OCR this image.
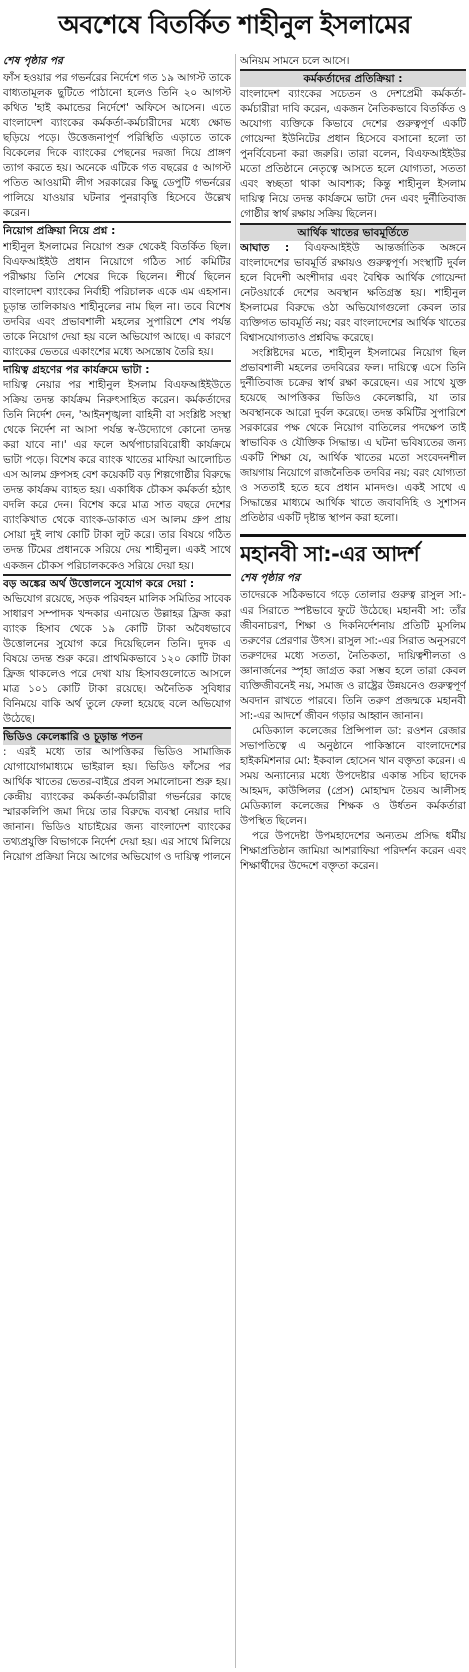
অবশেষে বিতর্কিত শাহীনুল ইসলামের

শেষ পৃষ্ঠার পর

ফাঁস হওয়ার পর গভর্নরের নির্দেশে গত ১৯ আগস্ট তাকে বাধ্যতামূলক ছুটিতে পাঠানো হলেও তিনি ২০ আগস্ট কথিত 'হাই কমান্ডের নির্দেশে' অফিসে আসেন। এতে বাংলাদেশ ব্যাংকের কর্মকর্তা-কর্মচারীদের মধ্যে ক্ষোভ ছড়িয়ে পড়ে। উত্তেজনাপূর্ণ পরিস্থিতি এড়াতে তাকে বিকেলের দিকে ব্যাংকের পেছনের দরজা দিয়ে প্রাঙ্গণ ত্যাগ করতে হয়। অনেকে এটিকে গত বছরের ৫ আগস্ট পতিত আওয়ামী লীগ সরকারের কিছু ডেপুটি গভর্নরের পালিয়ে যাওয়ার ঘটনার পুনরাবৃত্তি হিসেবে উল্লেখ করেন।

নিয়োগ প্রক্রিয়া নিয়ে প্রশ্ন :

শাহীনুল ইসলামের নিয়োগ শুরু থেকেই বিতর্কিত ছিল। বিএফআইইউ প্রধান নিয়োগে গঠিত সার্চ কমিটির পরীক্ষায় তিনি শেষের দিকে ছিলেন। শীর্ষে ছিলেন বাংলাদেশ ব্যাংকের নির্বাহী পরিচালক একে এম এহসান। চূড়ান্ত তালিকায়ও শাহীনুলের নাম ছিল না। তবে বিশেষ তদবির এবং প্রভাবশালী মহলের সুপারিশে শেষ পর্যন্ত তাকে নিয়োগ দেয়া হয় বলে অভিযোগ আছে। এ কারণে ব্যাংকের ভেতরে একাংশের মধ্যে অসন্তোষ তৈরি হয়।

দায়িত্ব গ্রহণের পর কার্যক্রমে ভাটা :

দায়িত্ব নেয়ার পর শাহীনুল ইসলাম বিএফআইইউতে সক্রিয় তদন্ত কার্যক্রম নিরুৎসাহিত করেন। কর্মকর্তাদের তিনি নির্দেশ দেন, 'আইনশৃঙ্খলা বাহিনী বা সংশ্লিষ্ট সংস্থা থেকে নির্দেশ না আসা পর্যন্ত স্ব-উদ্যোগে কোনো তদন্ত করা যাবে না।' এর ফলে অর্থপাচারবিরোধী কার্যক্রমে ভাটা পড়ে। বিশেষ করে ব্যাংক খাতের মাফিয়া আলোচিত এস আলম গ্রুপসহ বেশ কয়েকটি বড় শিল্পগোষ্ঠীর বিরুদ্ধে তদন্ত কার্যক্রম ব্যাহত হয়। একাধিক চৌকস কর্মকর্তা হঠাৎ বদলি করে দেন। বিশেষ করে মাত্র সাত বছরে দেশের ব্যাংকিখাত থেকে ব্যাংক-ডাকাত এস আলম গ্রুপ প্রায় সোয়া দুই লাখ কোটি টাকা লুট করে। তার বিষয়ে গঠিত তদন্ত টিমের প্রধানকে সরিয়ে দেয় শাহীনুল। একই সাথে একজন চৌকস পরিচালককেও সরিয়ে দেয়া হয়।

বড় অঙ্কের অর্থ উত্তোলনে সুযোগ করে দেয়া :

অভিযোগ রয়েছে, সড়ক পরিবহন মালিক সমিতির সাবেক সাধারণ সম্পাদক খন্দকার এনায়েত উল্লাহর ফ্রিজ করা ব্যাংক হিসাব থেকে ১৯ কোটি টাকা অবৈধভাবে উত্তোলনের সুযোগ করে দিয়েছিলেন তিনি। দুদক এ বিষয়ে তদন্ত শুরু করে। প্রাথমিকভাবে ১২০ কোটি টাকা ফ্রিজ থাকলেও পরে দেখা যায় হিসাবগুলোতে আসলে মাত্র ১০১ কোটি টাকা রয়েছে। অনৈতিক সুবিধার বিনিময়ে বাকি অর্থ তুলে ফেলা হয়েছে বলে অভিযোগ উঠেছে।

ভিডিও কেলেঙ্কারি ও চূড়ান্ত পতন

: এরই মধ্যে তার আপত্তিকর ভিডিও সামাজিক যোগাযোগমাধ্যমে ভাইরাল হয়। ভিডিও ফাঁসের পর আর্থিক খাতের ভেতর-বাইরে প্রবল সমালোচনা শুরু হয়। কেন্দ্রীয় ব্যাংকের কর্মকর্তা-কর্মচারীরা গভর্নরের কাছে স্মারকলিপি জমা দিয়ে তার বিরুদ্ধে ব্যবস্থা নেয়ার দাবি জানান। ভিডিও যাচাইয়ের জন্য বাংলাদেশ ব্যাংকের তথ্যপ্রযুক্তি বিভাগকে নির্দেশ দেয়া হয়। এর সাথে মিলিয়ে নিয়োগ প্রক্রিয়া নিয়ে আগের অভিযোগ ও দায়িত্ব পালনে

অনিয়ম সামনে চলে আসে।

কর্মকর্তাদের প্রতিক্রিয়া :

বাংলাদেশ ব্যাংকের সচেতন ও দেশপ্রেমী কর্মকর্তা-কর্মচারীরা দাবি করেন, একজন নৈতিকভাবে বিতর্কিত ও অযোগ্য ব্যক্তিকে কিভাবে দেশের গুরুত্বপূর্ণ একটি গোয়েন্দা ইউনিটের প্রধান হিসেবে বসানো হলো তা পুনর্বিবেচনা করা জরুরি। তারা বলেন, বিএফআইইউর মতো প্রতিষ্ঠানে নেতৃত্বে আসতে হলে যোগ্যতা, সততা এবং স্বচ্ছতা থাকা আবশ্যক; কিন্তু শাহীনুল ইসলাম দায়িত্ব নিয়ে তদন্ত কার্যক্রমে ভাটা দেন এবং দুর্নীতিবাজ গোষ্ঠীর স্বার্থ রক্ষায় সক্রিয় ছিলেন।

আর্থিক খাতের ভাবমূর্তিতে

আঘাত : বিএফআইইউ আন্তর্জাতিক অঙ্গনে বাংলাদেশের ভাবমূর্তি রক্ষায়ও গুরুত্বপূর্ণ। সংস্থাটি দুর্বল হলে বিদেশী অংশীদার এবং বৈশ্বিক আর্থিক গোয়েন্দা নেটওয়ার্কে দেশের অবস্থান ক্ষতিগ্রস্ত হয়। শাহীনুল ইসলামের বিরুদ্ধে ওঠা অভিযোগগুলো কেবল তার ব্যক্তিগত ভাবমূর্তি নয়; বরং বাংলাদেশের আর্থিক খাতের বিশ্বাসযোগ্যতাও প্রশ্নবিদ্ধ করেছে।

সংশ্লিষ্টদের মতে, শাহীনুল ইসলামের নিয়োগ ছিল প্রভাবশালী মহলের তদবিরের ফল। দায়িত্বে এসে তিনি দুর্নীতিবাজ চক্রের স্বার্থ রক্ষা করেছেন। এর সাথে যুক্ত হয়েছে আপত্তিকর ভিডিও কেলেঙ্কারি, যা তার অবস্থানকে আরো দুর্বল করেছে। তদন্ত কমিটির সুপারিশে সরকারের পক্ষ থেকে নিয়োগ বাতিলের পদক্ষেপ তাই স্বাভাবিক ও যৌক্তিক সিদ্ধান্ত। এ ঘটনা ভবিষ্যতের জন্য একটি শিক্ষা যে, আর্থিক খাতের মতো সংবেদনশীল জায়গায় নিয়োগে রাজনৈতিক তদবির নয়; বরং যোগ্যতা ও সততাই হতে হবে প্রধান মানদণ্ড। একই সাথে এ সিদ্ধান্তের মাধ্যমে আর্থিক খাতে জবাবদিহি ও সুশাসন প্রতিষ্ঠার একটি দৃষ্টান্ত স্থাপন করা হলো।

মহানবী সা:-এর আদর্শ

শেষ পৃষ্ঠার পর

তাদেরকে সঠিকভাবে গড়ে তোলার গুরুত্ব রাসুল সা:-এর সিরাতে স্পষ্টভাবে ফুটে উঠেছে। মহানবী সা: তাঁর জীবনাচরণ, শিক্ষা ও দিকনির্দেশনায় প্রতিটি মুসলিম তরুণের প্রেরণার উৎস। রাসুল সা:-এর সিরাত অনুসরণে তরুণদের মধ্যে সততা, নৈতিকতা, দায়িত্বশীলতা ও জ্ঞানার্জনের স্পৃহা জাগ্রত করা সম্ভব হলে তারা কেবল ব্যক্তিজীবনেই নয়, সমাজ ও রাষ্ট্রের উন্নয়নেও গুরুত্বপূর্ণ অবদান রাখতে পারবে। তিনি তরুণ প্রজন্মকে মহানবী সা:-এর আদর্শে জীবন গড়ার আহ্বান জানান।

মেডিক্যাল কলেজের প্রিন্সিপাল ডা: রওশন রেজার সভাপতিত্বে এ অনুষ্ঠানে পাকিস্তানে বাংলাদেশের হাইকমিশনার মো: ইকবাল হোসেন খান বক্তৃতা করেন। এ সময় অন্যান্যের মধ্যে উপদেষ্টার একান্ত সচিব ছাদেক আহমদ, কাউন্সিলর (প্রেস) মোহাম্মদ তৈয়ব আলীসহ মেডিক্যাল কলেজের শিক্ষক ও উর্ধতন কর্মকর্তারা উপস্থিত ছিলেন।

পরে উপদেষ্টা উপমহাদেশের অন্যতম প্রসিদ্ধ ধর্মীয় শিক্ষাপ্রতিষ্ঠান জামিয়া আশরাফিয়া পরিদর্শন করেন এবং শিক্ষার্থীদের উদ্দেশে বক্তৃতা করেন।
